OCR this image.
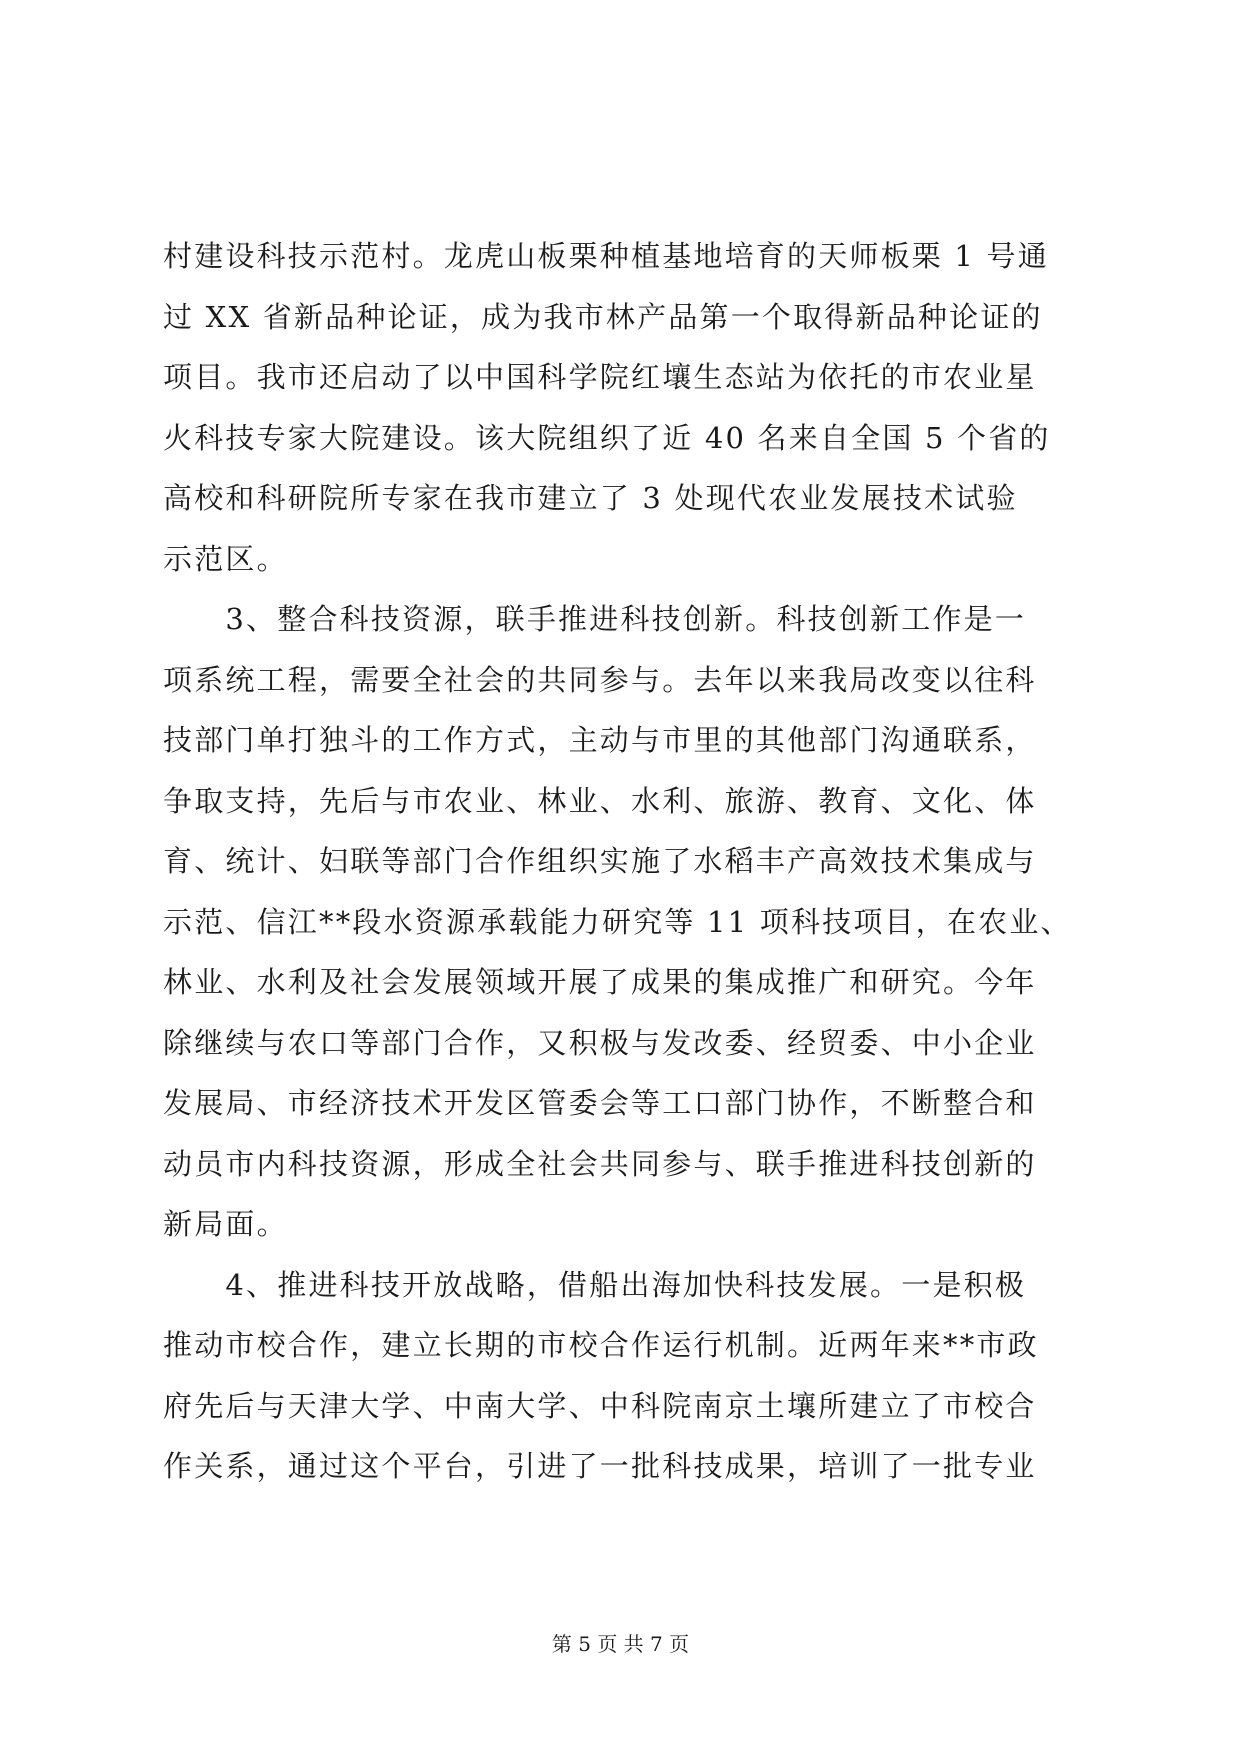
村建设科技示范村。龙虎山板栗种植基地培育的天师板栗 1 号通
过 XX 省新品种论证，成为我市林产品第一个取得新品种论证的
项目。我市还启动了以中国科学院红壤生态站为依托的市农业星
火科技专家大院建设。该大院组织了近 40 名来自全国 5 个省的
高校和科研院所专家在我市建立了 3 处现代农业发展技术试验
示范区。
　　3、整合科技资源，联手推进科技创新。科技创新工作是一
项系统工程，需要全社会的共同参与。去年以来我局改变以往科
技部门单打独斗的工作方式，主动与市里的其他部门沟通联系，
争取支持，先后与市农业、林业、水利、旅游、教育、文化、体
育、统计、妇联等部门合作组织实施了水稻丰产高效技术集成与
示范、信江**段水资源承载能力研究等 11 项科技项目，在农业、
林业、水利及社会发展领域开展了成果的集成推广和研究。今年
除继续与农口等部门合作，又积极与发改委、经贸委、中小企业
发展局、市经济技术开发区管委会等工口部门协作，不断整合和
动员市内科技资源，形成全社会共同参与、联手推进科技创新的
新局面。
　　4、推进科技开放战略，借船出海加快科技发展。一是积极
推动市校合作，建立长期的市校合作运行机制。近两年来**市政
府先后与天津大学、中南大学、中科院南京土壤所建立了市校合
作关系，通过这个平台，引进了一批科技成果，培训了一批专业
第 5 页 共 7 页
